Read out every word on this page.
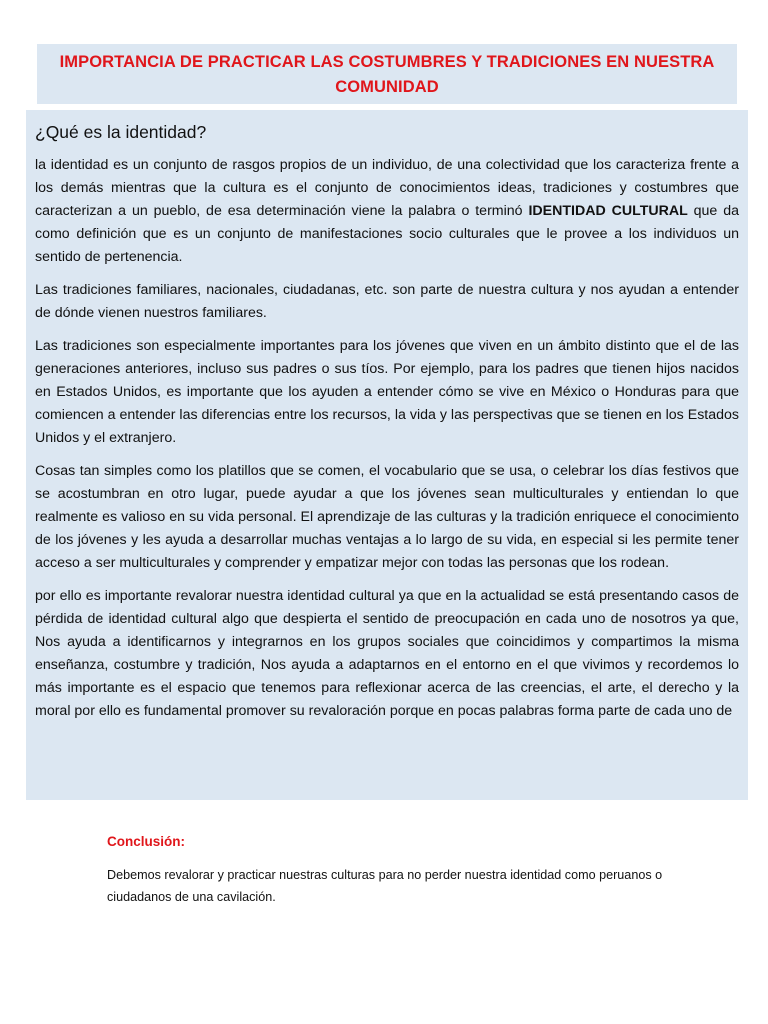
IMPORTANCIA DE PRACTICAR LAS COSTUMBRES Y TRADICIONES EN NUESTRA COMUNIDAD
¿Qué es la identidad?

la identidad es un conjunto de rasgos propios de un individuo, de una colectividad que los caracteriza frente a los demás mientras que la cultura es el conjunto de conocimientos ideas, tradiciones y costumbres que caracterizan a un pueblo, de esa determinación viene la palabra o terminó IDENTIDAD CULTURAL que da como definición que es un conjunto de manifestaciones socio culturales que le provee a los individuos un sentido de pertenencia.

Las tradiciones familiares, nacionales, ciudadanas, etc. son parte de nuestra cultura y nos ayudan a entender de dónde vienen nuestros familiares.

Las tradiciones son especialmente importantes para los jóvenes que viven en un ámbito distinto que el de las generaciones anteriores, incluso sus padres o sus tíos. Por ejemplo, para los padres que tienen hijos nacidos en Estados Unidos, es importante que los ayuden a entender cómo se vive en México o Honduras para que comiencen a entender las diferencias entre los recursos, la vida y las perspectivas que se tienen en los Estados Unidos y el extranjero.

Cosas tan simples como los platillos que se comen, el vocabulario que se usa, o celebrar los días festivos que se acostumbran en otro lugar, puede ayudar a que los jóvenes sean multiculturales y entiendan lo que realmente es valioso en su vida personal. El aprendizaje de las culturas y la tradición enriquece el conocimiento de los jóvenes y les ayuda a desarrollar muchas ventajas a lo largo de su vida, en especial si les permite tener acceso a ser multiculturales y comprender y empatizar mejor con todas las personas que los rodean.

por ello es importante revalorar nuestra identidad cultural ya que en la actualidad se está presentando casos de pérdida de identidad cultural algo que despierta el sentido de preocupación en cada uno de nosotros ya que, Nos ayuda a identificarnos y integrarnos en los grupos sociales que coincidimos y compartimos la misma enseñanza, costumbre y tradición, Nos ayuda a adaptarnos en el entorno en el que vivimos y recordemos lo más importante es el espacio que tenemos para reflexionar acerca de las creencias, el arte, el derecho y la moral por ello es fundamental promover su revaloración porque en pocas palabras forma parte de cada uno de

Conclusión:

Debemos revalorar y practicar nuestras culturas para no perder nuestra identidad como peruanos o ciudadanos de una cavilación.
